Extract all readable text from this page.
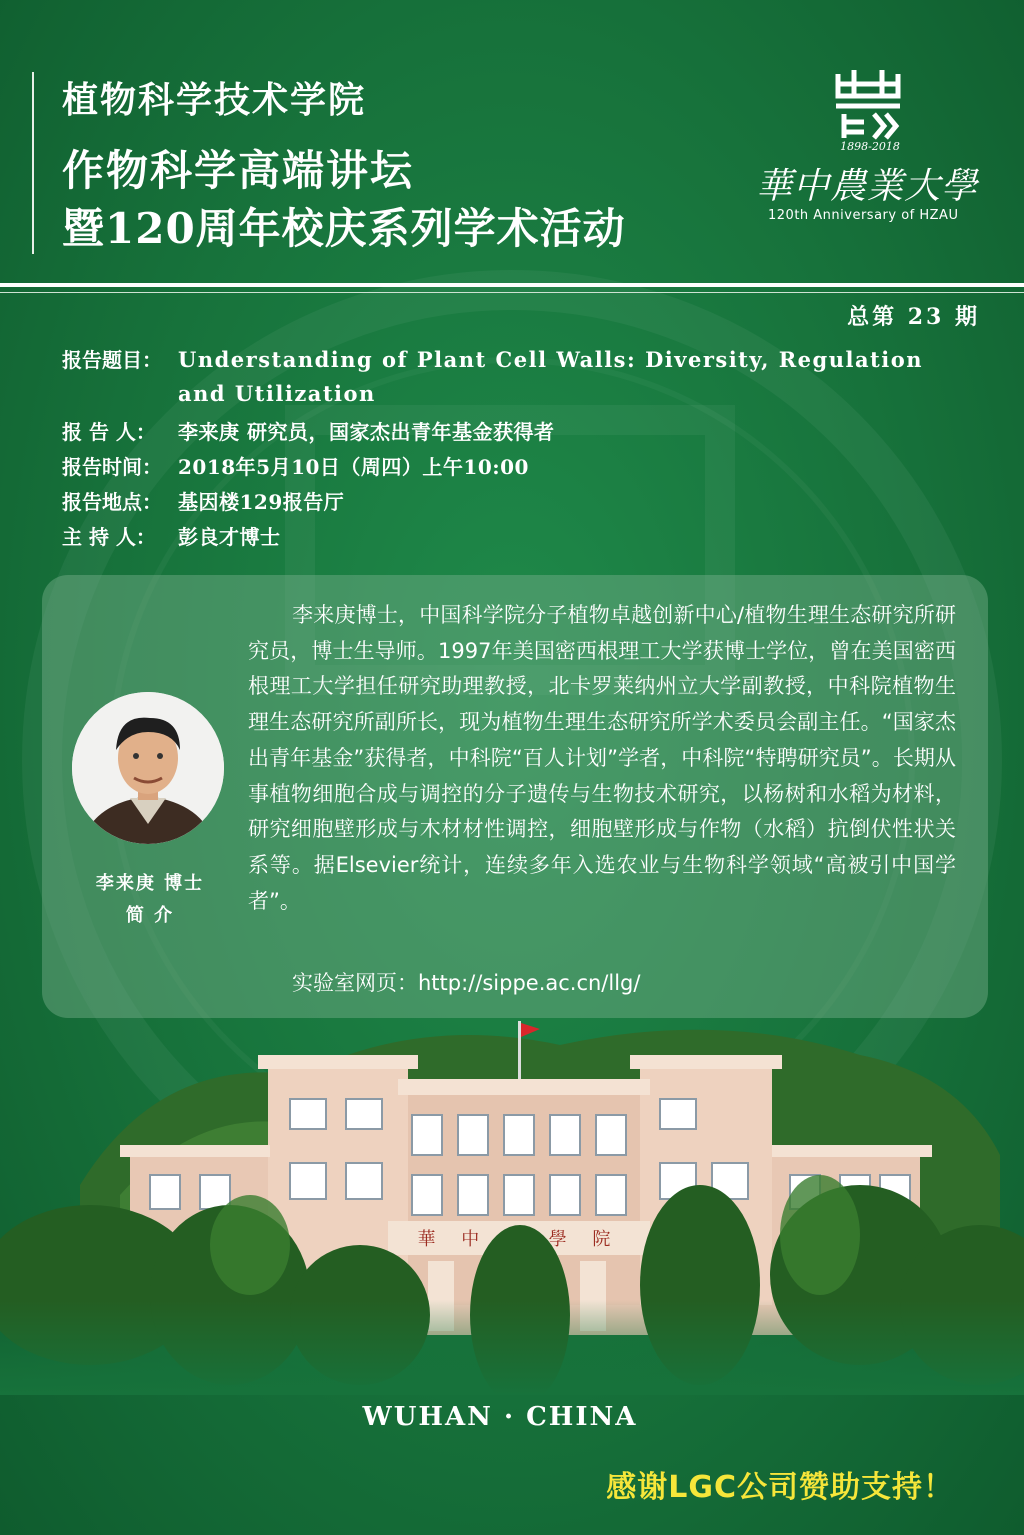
植物科学技术学院
作物科学高端讲坛
暨120周年校庆系列学术活动
1898-2018
華中農業大學
120th Anniversary of HZAU
总第 23 期
报告题目： Understanding of Plant Cell Walls: Diversity, Regulation
and Utilization
报 告 人： 李来庚 研究员，国家杰出青年基金获得者
报告时间： 2018年5月10日（周四）上午10:00
报告地点： 基因楼129报告厅
主 持 人： 彭良才博士
李来庚 博士
简 介
李来庚博士，中国科学院分子植物卓越创新中心/植物生理生态研究所研究员，博士生导师。1997年美国密西根理工大学获博士学位，曾在美国密西根理工大学担任研究助理教授，北卡罗莱纳州立大学副教授，中科院植物生理生态研究所副所长，现为植物生理生态研究所学术委员会副主任。“国家杰出青年基金”获得者，中科院“百人计划”学者，中科院“特聘研究员”。长期从事植物细胞合成与调控的分子遗传与生物技术研究，以杨树和水稻为材料，研究细胞壁形成与木材材性调控，细胞壁形成与作物（水稻）抗倒伏性状关系等。据Elsevier统计，连续多年入选农业与生物科学领域“高被引中国学者”。
实验室网页：http://sippe.ac.cn/llg/
WUHAN · CHINA
感谢LGC公司赞助支持！
